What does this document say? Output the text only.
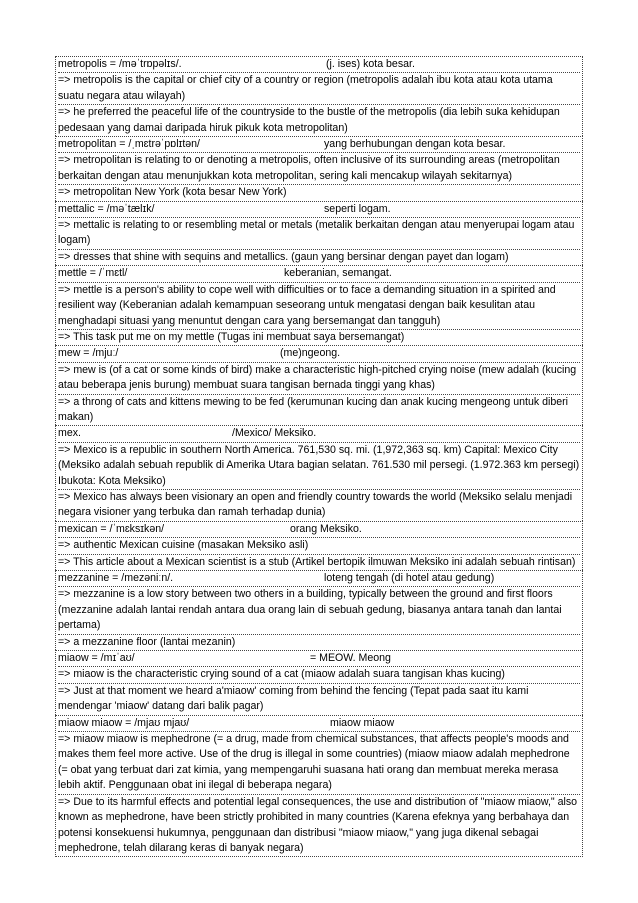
metropolis = /məˈtrɒpəlɪs/.	(j. ises) kota besar.
=> metropolis is the capital or chief city of a country or region (metropolis adalah ibu kota atau kota utama suatu negara atau wilayah)
=> he preferred the peaceful life of the countryside to the bustle of the metropolis (dia lebih suka kehidupan pedesaan yang damai daripada hiruk pikuk kota metropolitan)
metropolitan = /ˌmɛtrəˈpɒlɪtən/	yang berhubungan dengan kota besar.
=> metropolitan is relating to or denoting a metropolis, often inclusive of its surrounding areas (metropolitan berkaitan dengan atau menunjukkan kota metropolitan, sering kali mencakup wilayah sekitarnya)
=> metropolitan New York (kota besar New York)
mettalic = /məˈtælɪk/	seperti logam.
=> mettalic is relating to or resembling metal or metals (metalik berkaitan dengan atau menyerupai logam atau logam)
=> dresses that shine with sequins and metallics. (gaun yang bersinar dengan payet dan logam)
mettle = /ˈmɛtl/	keberanian, semangat.
=> mettle is a person's ability to cope well with difficulties or to face a demanding situation in a spirited and resilient way (Keberanian adalah kemampuan seseorang untuk mengatasi dengan baik kesulitan atau menghadapi situasi yang menuntut dengan cara yang bersemangat dan tangguh)
=> This task put me on my mettle (Tugas ini membuat saya bersemangat)
mew = /mjuː/	(me)ngeong.
=> mew is (of a cat or some kinds of bird) make a characteristic high-pitched crying noise (mew adalah (kucing atau beberapa jenis burung) membuat suara tangisan bernada tinggi yang khas)
=> a throng of cats and kittens mewing to be fed (kerumunan kucing dan anak kucing mengeong untuk diberi makan)
mex.	/Mexico/ Meksiko.
=> Mexico is a republic in southern North America. 761,530 sq. mi. (1,972,363 sq. km) Capital: Mexico City (Meksiko adalah sebuah republik di Amerika Utara bagian selatan. 761.530 mil persegi. (1.972.363 km persegi) Ibukota: Kota Meksiko)
=> Mexico has always been visionary an open and friendly country towards the world (Meksiko selalu menjadi negara visioner yang terbuka dan ramah terhadap dunia)
mexican = /ˈmɛksɪkən/	orang Meksiko.
=> authentic Mexican cuisine (masakan Meksiko asli)
=> This article about a Mexican scientist is a stub (Artikel bertopik ilmuwan Meksiko ini adalah sebuah rintisan)
mezzanine = /mezəniːn/.	loteng tengah (di hotel atau gedung)
=> mezzanine is a low story between two others in a building, typically between the ground and first floors (mezzanine adalah lantai rendah antara dua orang lain di sebuah gedung, biasanya antara tanah dan lantai pertama)
=> a mezzanine floor (lantai mezanin)
miaow = /mɪˈaʊ/	= MEOW. Meong
=> miaow is the characteristic crying sound of a cat (miaow adalah suara tangisan khas kucing)
=> Just at that moment we heard a'miaow' coming from behind the fencing (Tepat pada saat itu kami mendengar 'miaow' datang dari balik pagar)
miaow miaow = /mjaʊ mjaʊ/	miaow miaow
=> miaow miaow is mephedrone (= a drug, made from chemical substances, that affects people's moods and makes them feel more active. Use of the drug is illegal in some countries) (miaow miaow adalah mephedrone (= obat yang terbuat dari zat kimia, yang mempengaruhi suasana hati orang dan membuat mereka merasa lebih aktif. Penggunaan obat ini ilegal di beberapa negara)
=> Due to its harmful effects and potential legal consequences, the use and distribution of "miaow miaow," also known as mephedrone, have been strictly prohibited in many countries (Karena efeknya yang berbahaya dan potensi konsekuensi hukumnya, penggunaan dan distribusi "miaow miaow," yang juga dikenal sebagai mephedrone, telah dilarang keras di banyak negara)
